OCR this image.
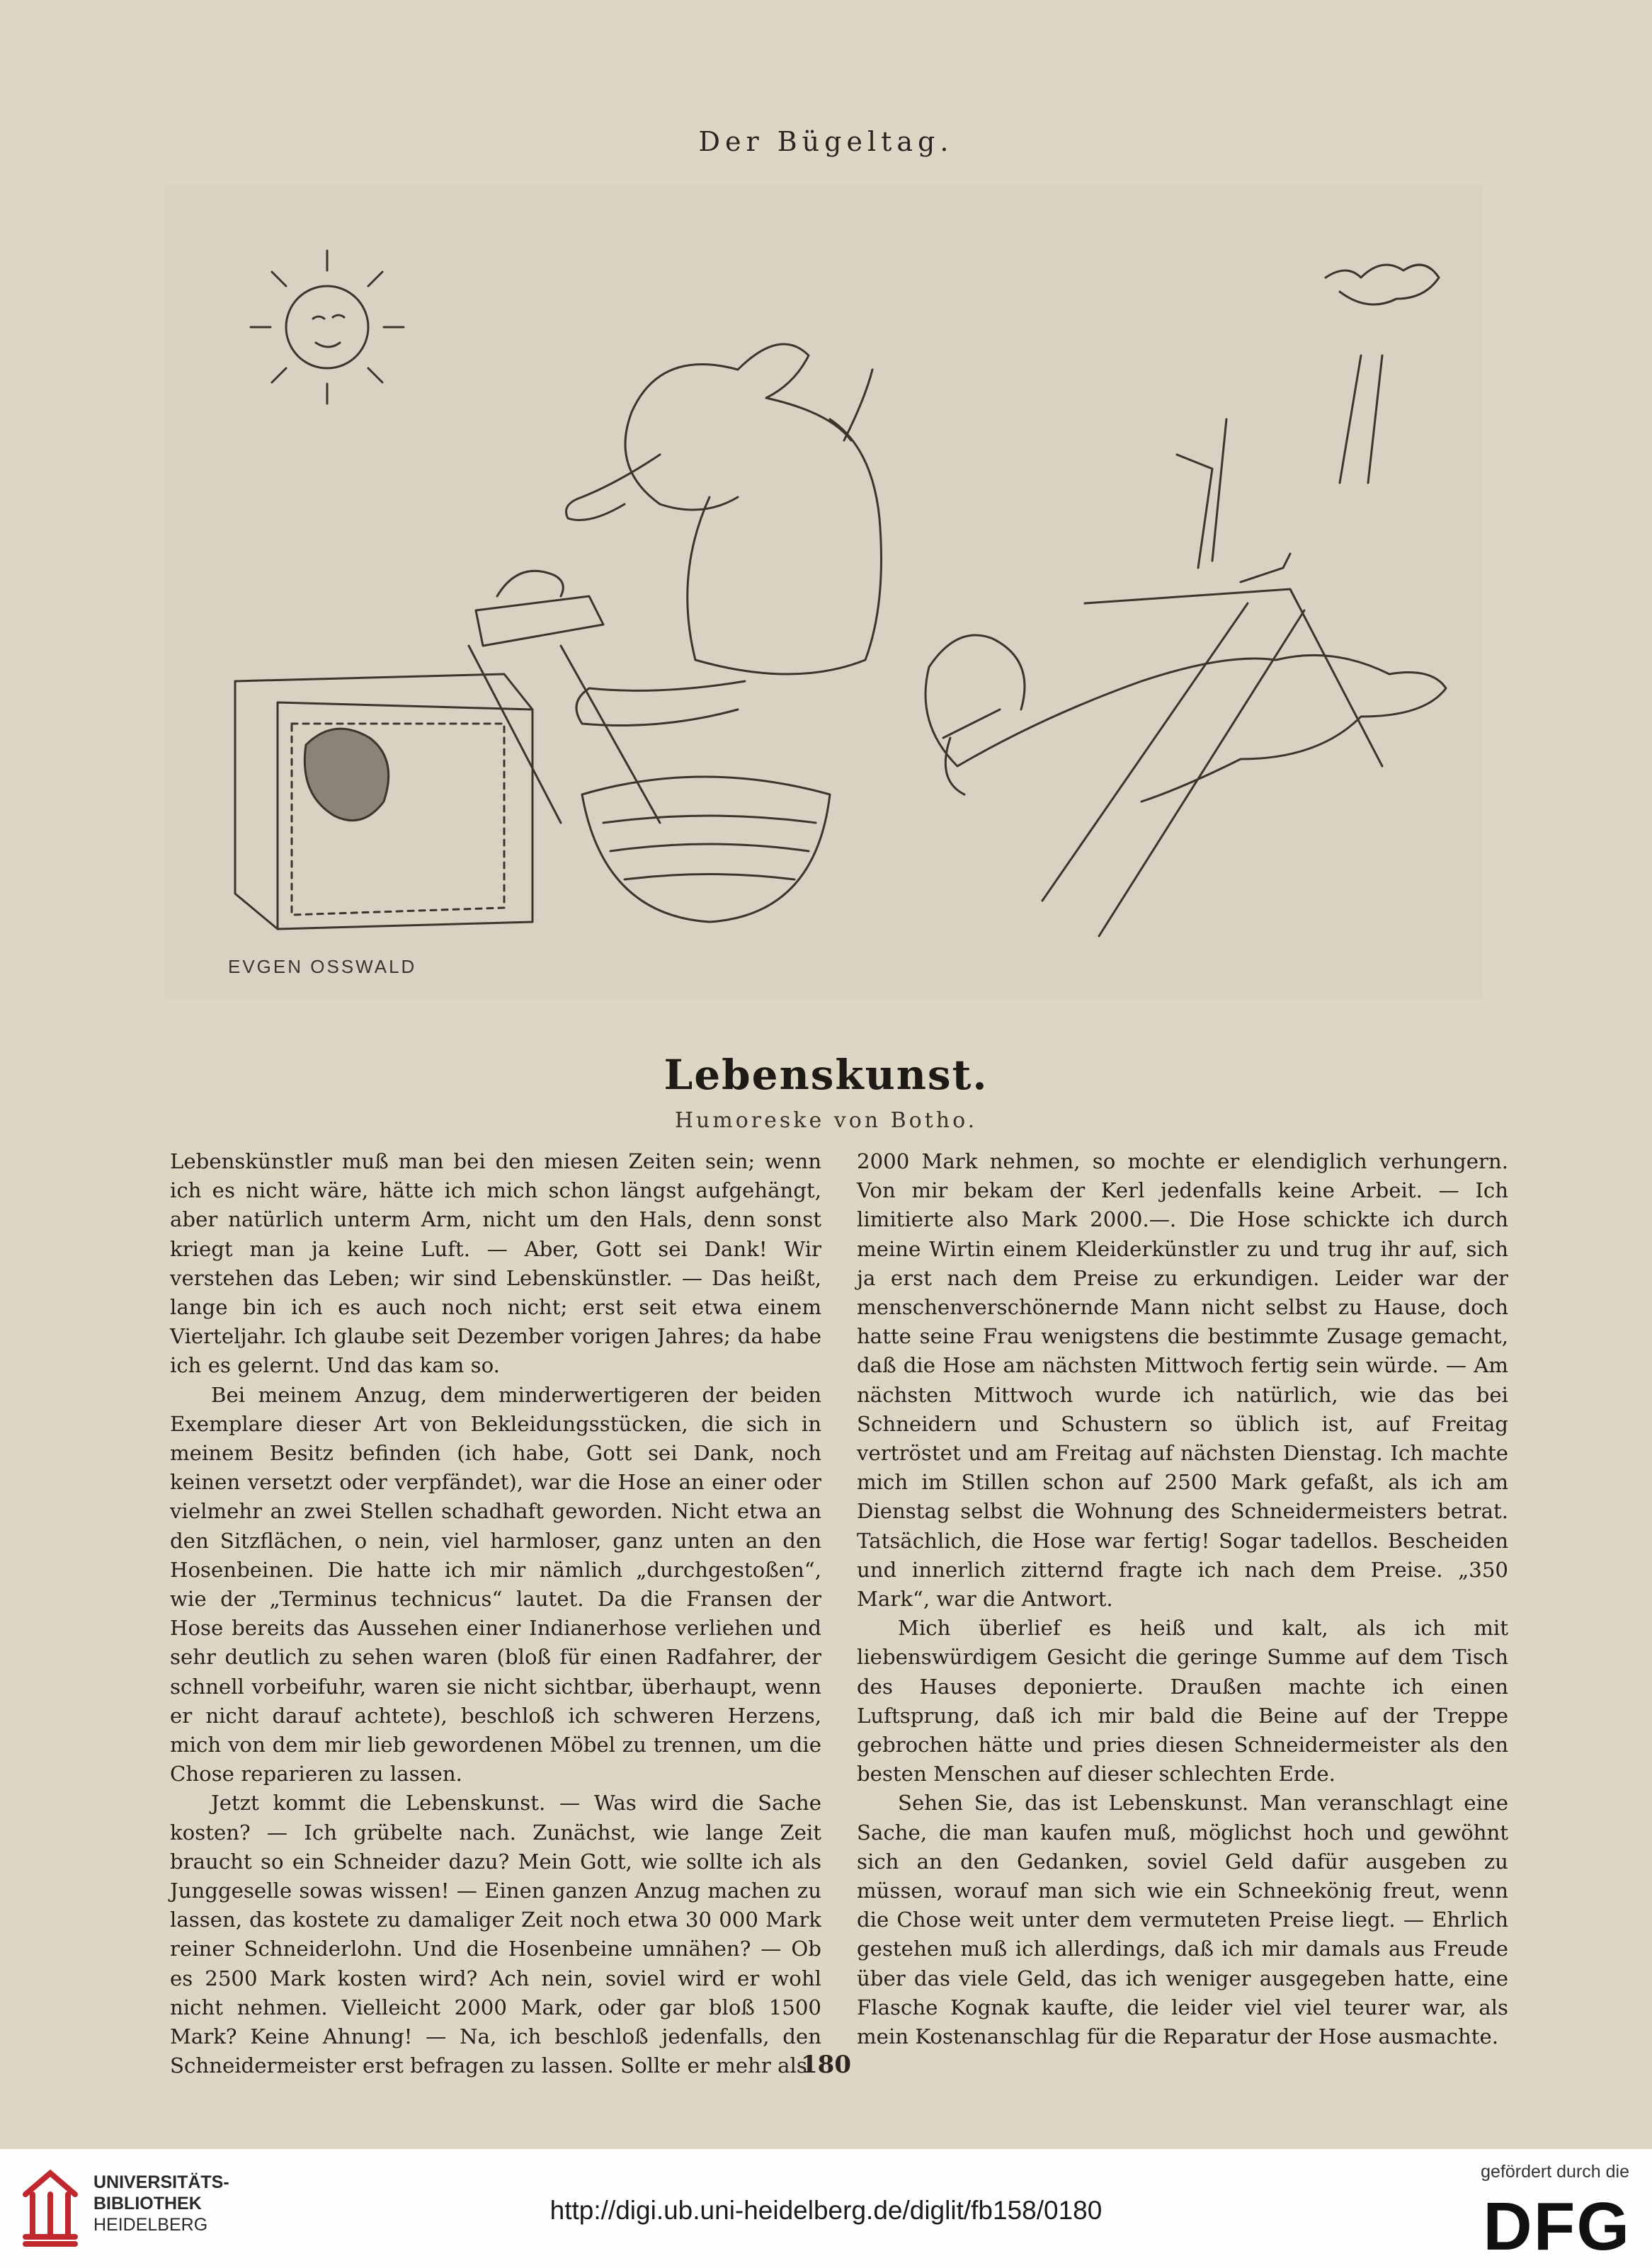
Der Bügeltag.
EVGEN OSSWALD
Lebenskunst.
Humoreske von Botho.

Lebenskünstler muß man bei den miesen Zeiten sein; wenn ich es nicht wäre, hätte ich mich schon längst aufgehängt, aber natürlich unterm Arm, nicht um den Hals, denn sonst kriegt man ja keine Luft. — Aber, Gott sei Dank! Wir verstehen das Leben; wir sind Lebenskünstler. — Das heißt, lange bin ich es auch noch nicht; erst seit etwa einem Vierteljahr. Ich glaube seit Dezember vorigen Jahres; da habe ich es gelernt. Und das kam so.

Bei meinem Anzug, dem minderwertigeren der beiden Exemplare dieser Art von Bekleidungsstücken, die sich in meinem Besitz befinden (ich habe, Gott sei Dank, noch keinen versetzt oder verpfändet), war die Hose an einer oder vielmehr an zwei Stellen schadhaft geworden. Nicht etwa an den Sitzflächen, o nein, viel harmloser, ganz unten an den Hosenbeinen. Die hatte ich mir nämlich „durchgestoßen“, wie der „Terminus technicus“ lautet. Da die Fransen der Hose bereits das Aussehen einer Indianerhose verliehen und sehr deutlich zu sehen waren (bloß für einen Radfahrer, der schnell vorbeifuhr, waren sie nicht sichtbar, überhaupt, wenn er nicht darauf achtete), beschloß ich schweren Herzens, mich von dem mir lieb gewordenen Möbel zu trennen, um die Chose reparieren zu lassen.

Jetzt kommt die Lebenskunst. — Was wird die Sache kosten? — Ich grübelte nach. Zunächst, wie lange Zeit braucht so ein Schneider dazu? Mein Gott, wie sollte ich als Junggeselle sowas wissen! — Einen ganzen Anzug machen zu lassen, das kostete zu damaliger Zeit noch etwa 30 000 Mark reiner Schneiderlohn. Und die Hosenbeine umnähen? — Ob es 2500 Mark kosten wird? Ach nein, soviel wird er wohl nicht nehmen. Vielleicht 2000 Mark, oder gar bloß 1500 Mark? Keine Ahnung! — Na, ich beschloß jedenfalls, den Schneidermeister erst befragen zu lassen. Sollte er mehr als

2000 Mark nehmen, so mochte er elendiglich verhungern. Von mir bekam der Kerl jedenfalls keine Arbeit. — Ich limitierte also Mark 2000.—. Die Hose schickte ich durch meine Wirtin einem Kleiderkünstler zu und trug ihr auf, sich ja erst nach dem Preise zu erkundigen. Leider war der menschenverschönernde Mann nicht selbst zu Hause, doch hatte seine Frau wenigstens die bestimmte Zusage gemacht, daß die Hose am nächsten Mittwoch fertig sein würde. — Am nächsten Mittwoch wurde ich natürlich, wie das bei Schneidern und Schustern so üblich ist, auf Freitag vertröstet und am Freitag auf nächsten Dienstag. Ich machte mich im Stillen schon auf 2500 Mark gefaßt, als ich am Dienstag selbst die Wohnung des Schneidermeisters betrat. Tatsächlich, die Hose war fertig! Sogar tadellos. Bescheiden und innerlich zitternd fragte ich nach dem Preise. „350 Mark“, war die Antwort.

Mich überlief es heiß und kalt, als ich mit liebenswürdigem Gesicht die geringe Summe auf dem Tisch des Hauses deponierte. Draußen machte ich einen Luftsprung, daß ich mir bald die Beine auf der Treppe gebrochen hätte und pries diesen Schneidermeister als den besten Menschen auf dieser schlechten Erde.

Sehen Sie, das ist Lebenskunst. Man veranschlagt eine Sache, die man kaufen muß, möglichst hoch und gewöhnt sich an den Gedanken, soviel Geld dafür ausgeben zu müssen, worauf man sich wie ein Schneekönig freut, wenn die Chose weit unter dem vermuteten Preise liegt. — Ehrlich gestehen muß ich allerdings, daß ich mir damals aus Freude über das viele Geld, das ich weniger ausgegeben hatte, eine Flasche Kognak kaufte, die leider viel viel teurer war, als mein Kostenanschlag für die Reparatur der Hose ausmachte.

180
UNIVERSITÄTS-
BIBLIOTHEK
HEIDELBERG	http://digi.ub.uni-heidelberg.de/diglit/fb158/0180
gefördert durch die
DFG
